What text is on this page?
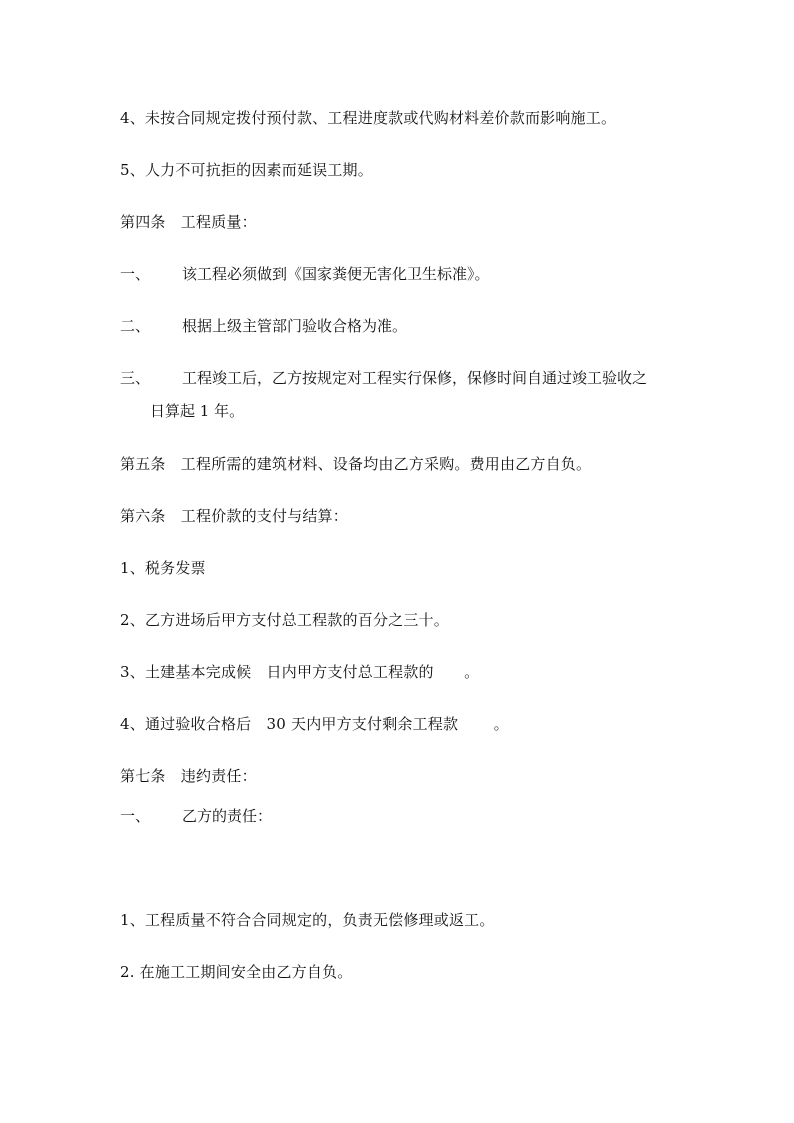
4、未按合同规定拨付预付款、工程进度款或代购材料差价款而影响施工。
5、人力不可抗拒的因素而延误工期。
第四条　工程质量：
一、 该工程必须做到《国家粪便无害化卫生标准》。
二、 根据上级主管部门验收合格为准。
三、 工程竣工后，乙方按规定对工程实行保修，保修时间自通过竣工验收之
日算起 1 年。
第五条　工程所需的建筑材料、设备均由乙方采购。费用由乙方自负。
第六条　工程价款的支付与结算：
1、税务发票
2、乙方进场后甲方支付总工程款的百分之三十。
3、土建基本完成候　日内甲方支付总工程款的　　。
4、通过验收合格后　30 天内甲方支付剩余工程款　　 。
第七条　违约责任：
一、 乙方的责任：
1、工程质量不符合合同规定的，负责无偿修理或返工。
2. 在施工工期间安全由乙方自负。
